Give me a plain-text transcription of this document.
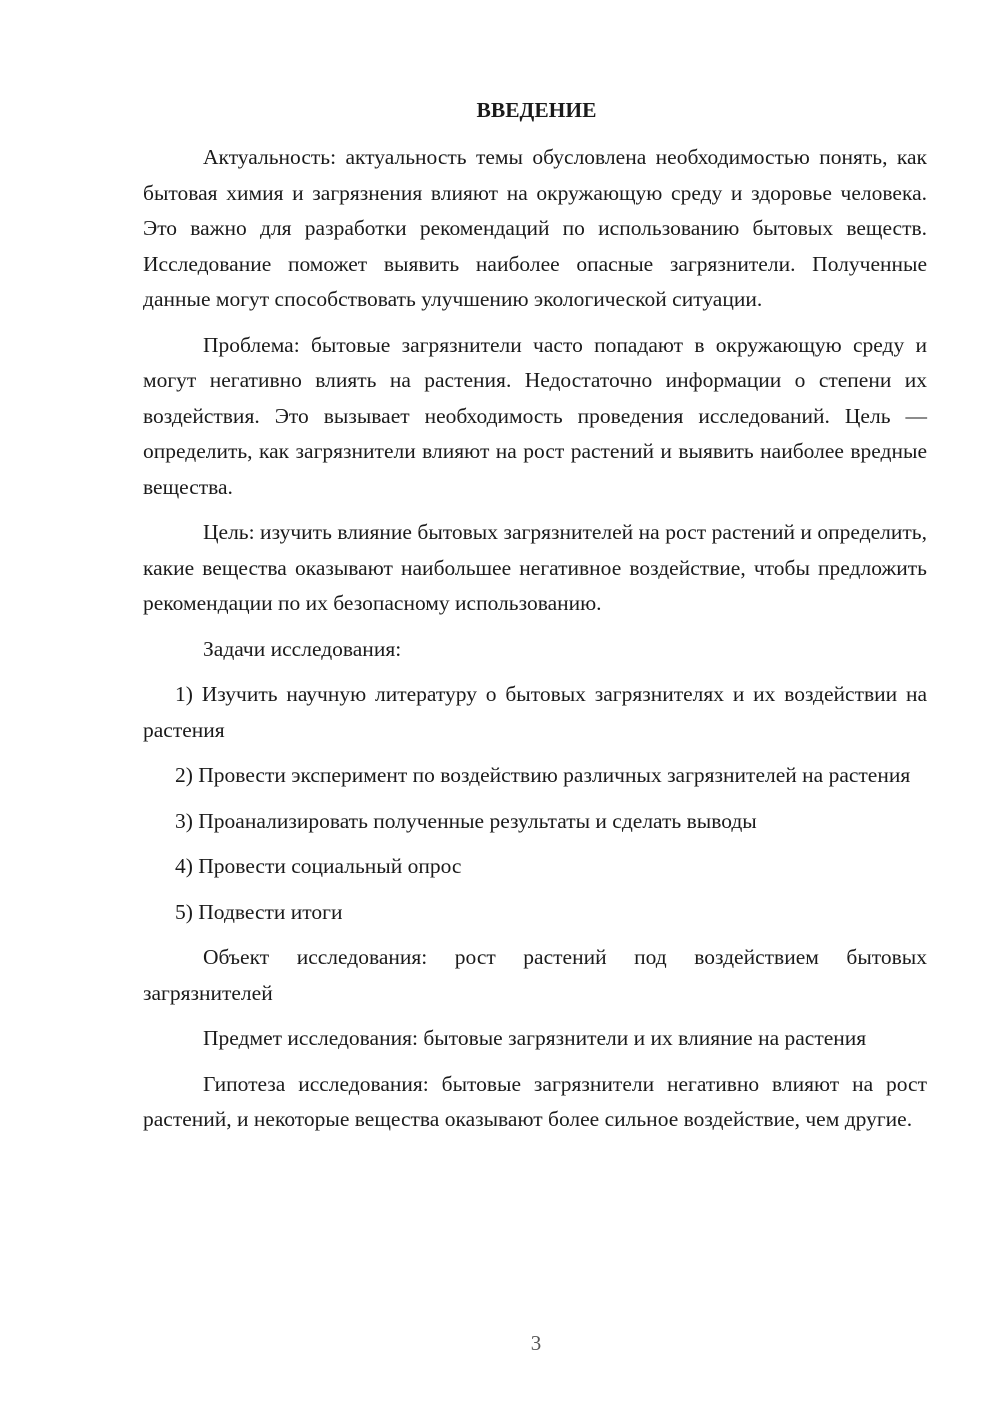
ВВЕДЕНИЕ

Актуальность: актуальность темы обусловлена необходимостью понять, как бытовая химия и загрязнения влияют на окружающую среду и здоровье человека. Это важно для разработки рекомендаций по использованию бытовых веществ. Исследование поможет выявить наиболее опасные загрязнители. Полученные данные могут способствовать улучшению экологической ситуации.

Проблема: бытовые загрязнители часто попадают в окружающую среду и могут негативно влиять на растения. Недостаточно информации о степени их воздействия. Это вызывает необходимость проведения исследований. Цель — определить, как загрязнители влияют на рост растений и выявить наиболее вредные вещества.

Цель: изучить влияние бытовых загрязнителей на рост растений и определить, какие вещества оказывают наибольшее негативное воздействие, чтобы предложить рекомендации по их безопасному использованию.

Задачи исследования:

1) Изучить научную литературу о бытовых загрязнителях и их воздействии на растения

2) Провести эксперимент по воздействию различных загрязнителей на растения

3) Проанализировать полученные результаты и сделать выводы

4) Провести социальный опрос

5) Подвести итоги

Объект исследования: рост растений под воздействием бытовых загрязнителей

Предмет исследования: бытовые загрязнители и их влияние на растения

Гипотеза исследования: бытовые загрязнители негативно влияют на рост растений, и некоторые вещества оказывают более сильное воздействие, чем другие.

3
